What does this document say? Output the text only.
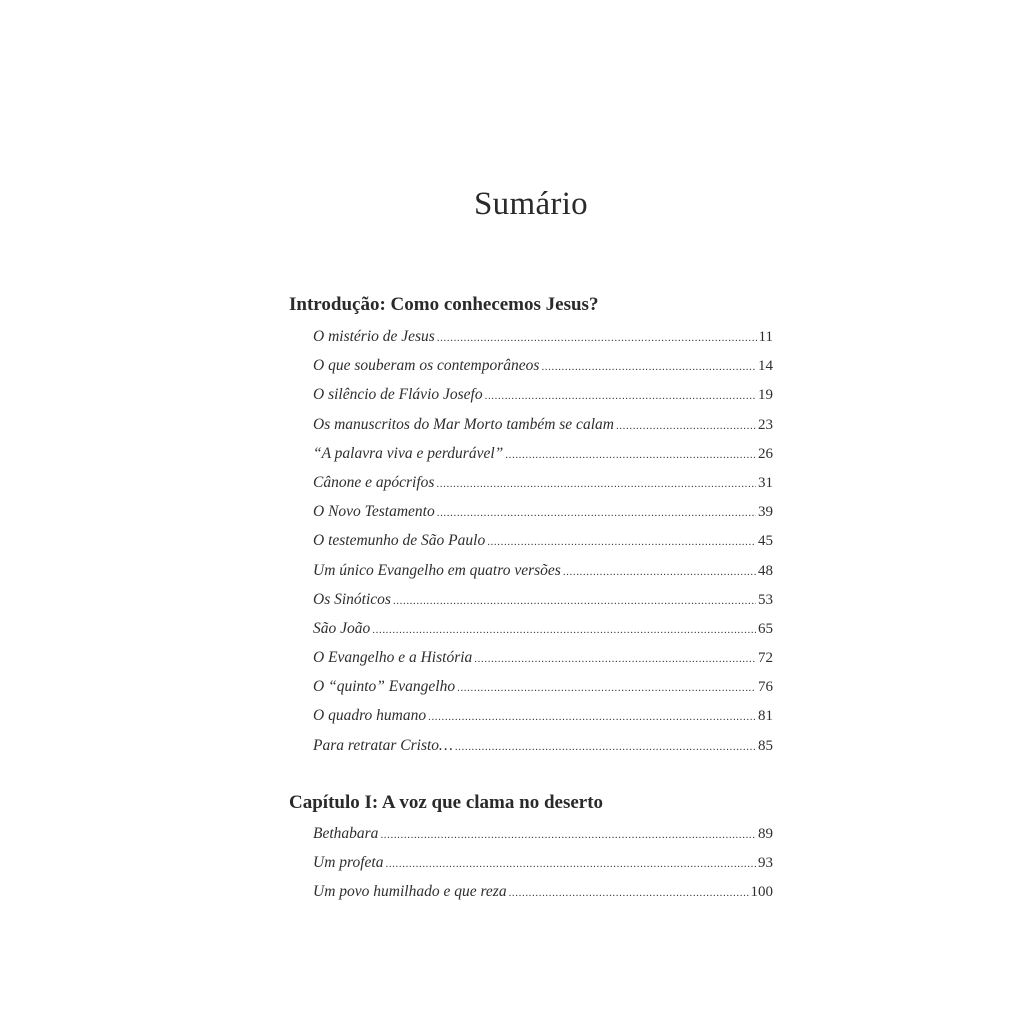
Sumário
Introdução: Como conhecemos Jesus?
O mistério de Jesus .....	11
O que souberam os contemporâneos .....	14
O silêncio de Flávio Josefo .....	19
Os manuscritos do Mar Morto também se calam .....	23
“A palavra viva e perdurável” .....	26
Cânone e apócrifos .....	31
O Novo Testamento .....	39
O testemunho de São Paulo .....	45
Um único Evangelho em quatro versões .....	48
Os Sinóticos .....	53
São João .....	65
O Evangelho e a História .....	72
O “quinto” Evangelho .....	76
O quadro humano .....	81
Para retratar Cristo… .....	85
Capítulo I: A voz que clama no deserto
Bethabara .....	89
Um profeta .....	93
Um povo humilhado e que reza .....	100
